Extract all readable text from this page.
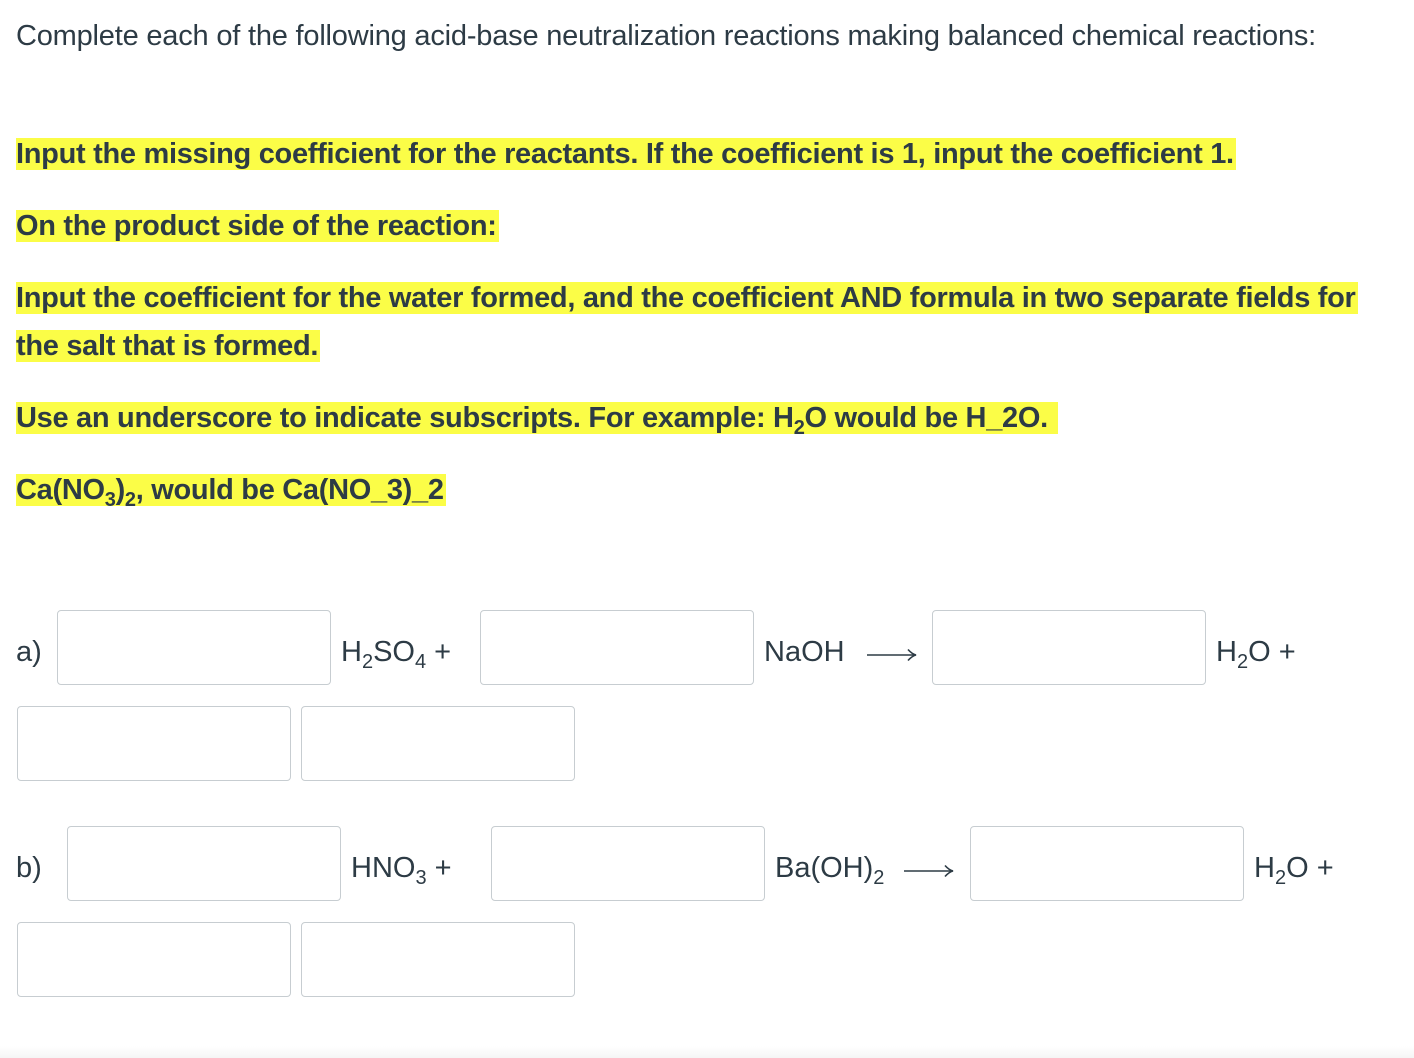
Complete each of the following acid-base neutralization reactions making balanced chemical reactions:
Input the missing coefficient for the reactants. If the coefficient is 1, input the coefficient 1.
On the product side of the reaction:
Input the coefficient for the water formed, and the coefficient AND formula in two separate fields for the salt that is formed.
Use an underscore to indicate subscripts. For example: $H_2O$ would be H_2O.
$Ca(NO_3)_2$, would be Ca(NO_3)_2
a)	$H_2SO_4$ +	NaOH	$H_2O$ +
b)	$HNO_3$ +	$Ba(OH)_2$	$H_2O$ +
